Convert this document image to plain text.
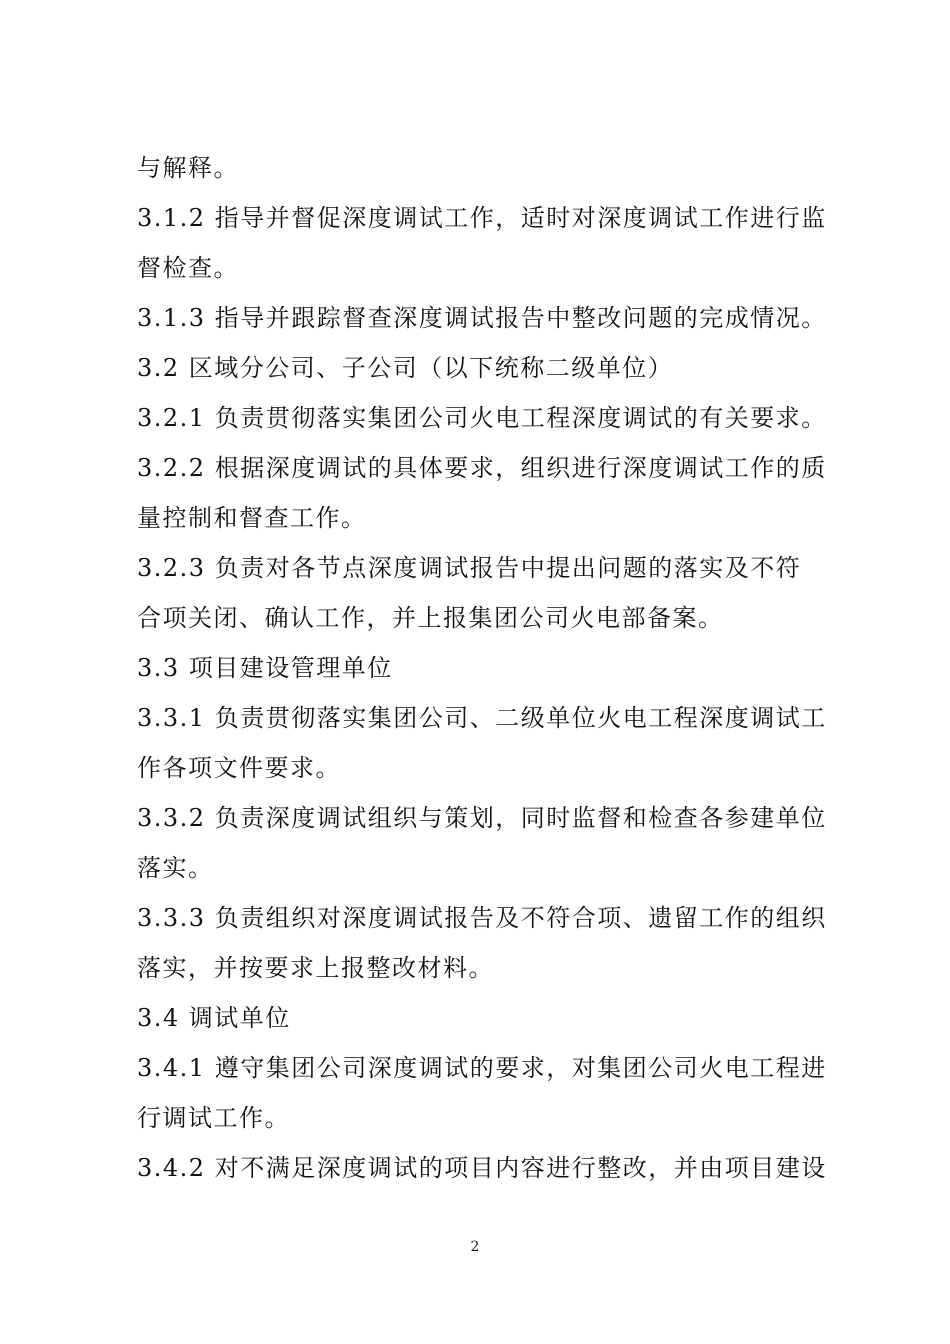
与解释。
3.1.2 指导并督促深度调试工作，适时对深度调试工作进行监
督检查。
3.1.3 指导并跟踪督查深度调试报告中整改问题的完成情况。
3.2 区域分公司、子公司（以下统称二级单位）
3.2.1 负责贯彻落实集团公司火电工程深度调试的有关要求。
3.2.2 根据深度调试的具体要求，组织进行深度调试工作的质
量控制和督查工作。
3.2.3 负责对各节点深度调试报告中提出问题的落实及不符
合项关闭、确认工作，并上报集团公司火电部备案。
3.3 项目建设管理单位
3.3.1 负责贯彻落实集团公司、二级单位火电工程深度调试工
作各项文件要求。
3.3.2 负责深度调试组织与策划，同时监督和检查各参建单位
落实。
3.3.3 负责组织对深度调试报告及不符合项、遗留工作的组织
落实，并按要求上报整改材料。
3.4 调试单位
3.4.1 遵守集团公司深度调试的要求，对集团公司火电工程进
行调试工作。
3.4.2 对不满足深度调试的项目内容进行整改，并由项目建设
2
